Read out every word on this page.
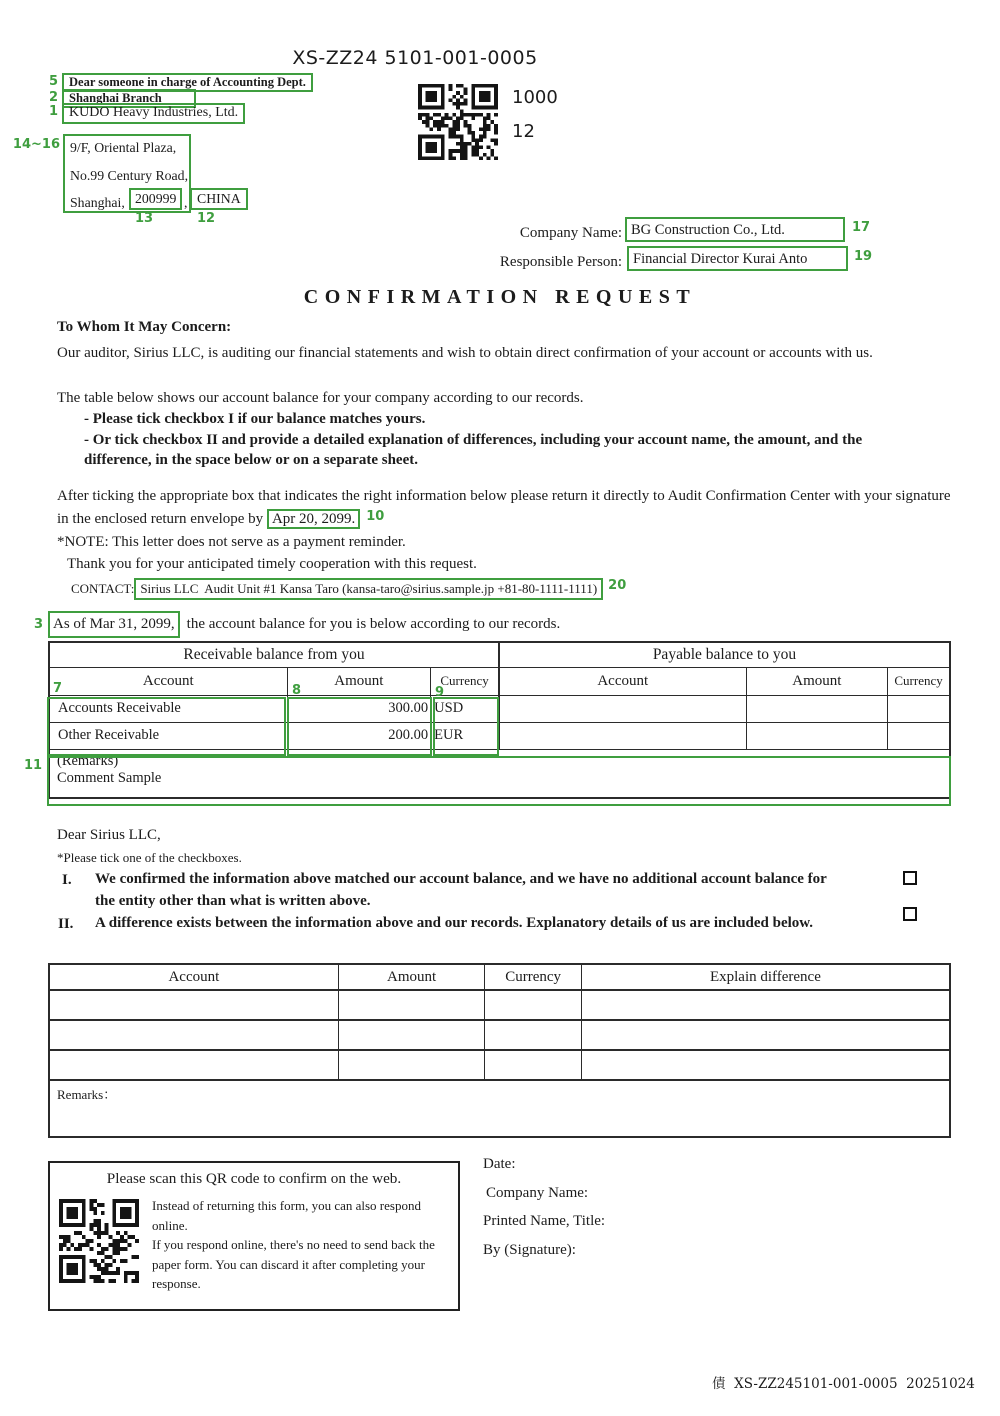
XS-ZZ24 5101-001-0005
5 Dear someone in charge of Accounting Dept.
2 Shanghai Branch
1 KUDO Heavy Industries, Ltd.
14~16 9/F, Oriental Plaza,
No.99 Century Road,
Shanghai, 200999 , CHINA
13	12
1000
12
Company Name:
Responsible Person:
BG Construction Co., Ltd.	17
Financial Director Kurai Anto	19
CONFIRMATION REQUEST
To Whom It May Concern:
Our auditor, Sirius LLC, is auditing our financial statements and wish to obtain direct confirmation of your account or accounts with us.
The table below shows our account balance for your company according to our records.
- Please tick checkbox I if our balance matches yours.
- Or tick checkbox II and provide a detailed explanation of differences, including your account name, the amount, and the difference, in the space below or on a separate sheet.
After ticking the appropriate box that indicates the right information below please return it directly to Audit Confirmation Center with your signature in the enclosed return envelope by Apr 20, 2099. 10
*NOTE: This letter does not serve as a payment reminder.
Thank you for your anticipated timely cooperation with this request.
CONTACT: Sirius LLC  Audit Unit #1 Kansa Taro (kansa-taro@sirius.sample.jp +81-80-1111-1111) 20
3 As of Mar 31, 2099, the account balance for you is below according to our records.
Receivable balance from you			Payable balance to you		
Account	Amount	Currency	Account	Amount	Currency
Accounts Receivable	300.00	USD			
Other Receivable	200.00	EUR			

(Remarks)
Comment Sample					
7	8	9
11
Dear Sirius LLC,
*Please tick one of the checkboxes.
I. We confirmed the information above matched our account balance, and we have no additional account balance for the entity other than what is written above.
II. A difference exists between the information above and our records. Explanatory details of us are included below.
Account	Amount	Currency	Explain difference

Remarks：			
Please scan this QR code to confirm on the web.
Instead of returning this form, you can also respond online.
If you respond online, there's no need to send back the paper form. You can discard it after completing your response.
Date:
Company Name:
Printed Name, Title:
By (Signature):
債  XS-ZZ245101-001-0005  20251024
